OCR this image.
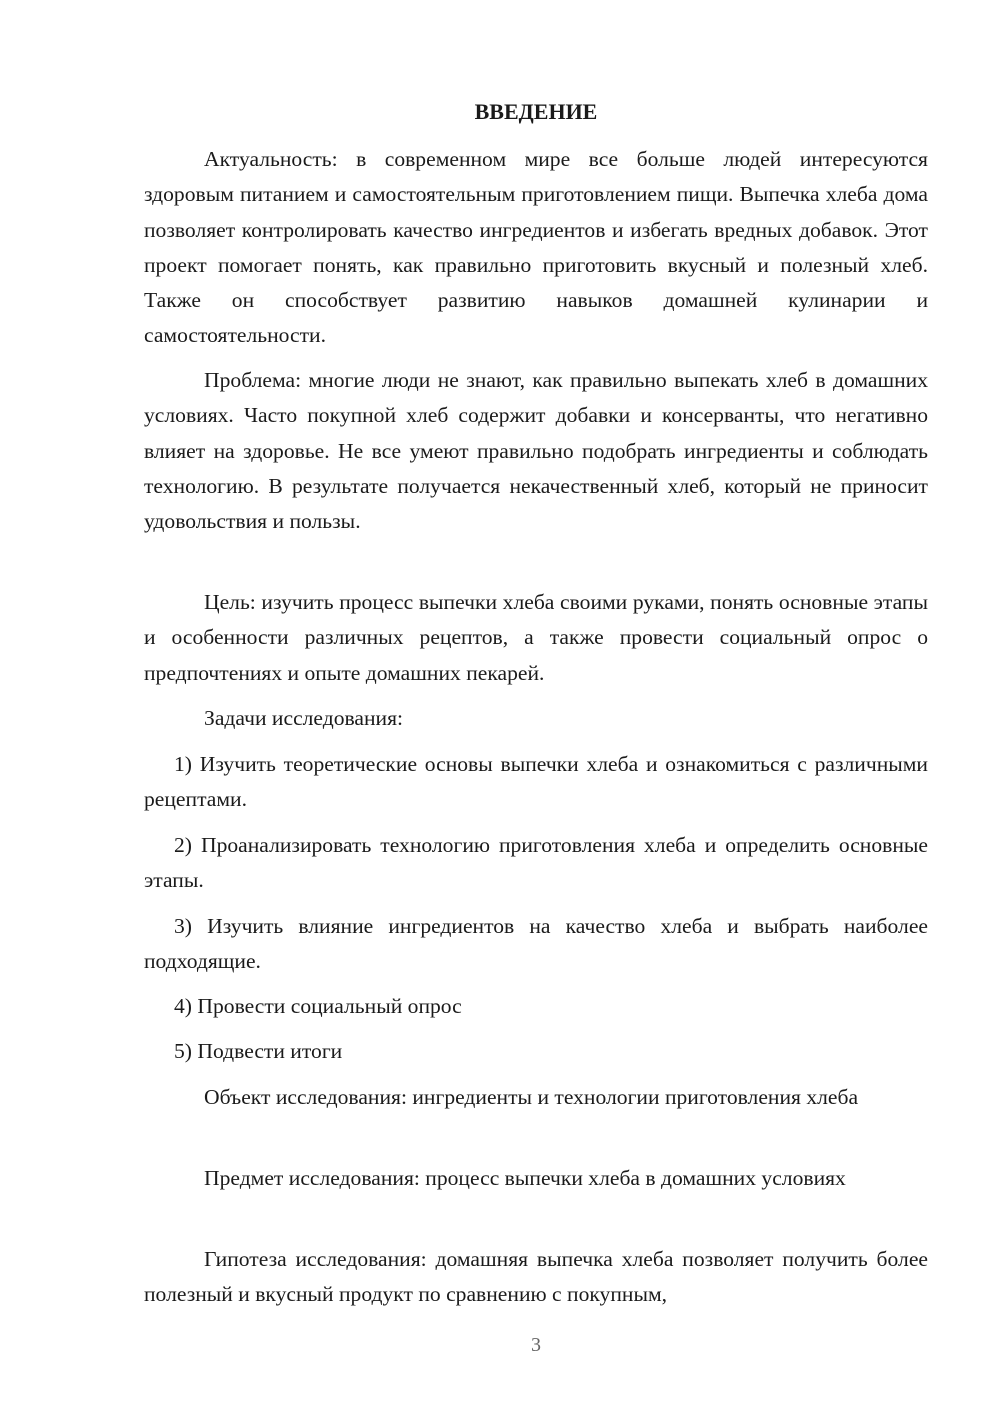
ВВЕДЕНИЕ

Актуальность: в современном мире все больше людей интересуются здоровым питанием и самостоятельным приготовлением пищи. Выпечка хлеба дома позволяет контролировать качество ингредиентов и избегать вредных добавок. Этот проект помогает понять, как правильно приготовить вкусный и полезный хлеб. Также он способствует развитию навыков домашней кулинарии и самостоятельности.

Проблема: многие люди не знают, как правильно выпекать хлеб в домашних условиях. Часто покупной хлеб содержит добавки и консерванты, что негативно влияет на здоровье. Не все умеют правильно подобрать ингредиенты и соблюдать технологию. В результате получается некачественный хлеб, который не приносит удовольствия и пользы.

Цель: изучить процесс выпечки хлеба своими руками, понять основные этапы и особенности различных рецептов, а также провести социальный опрос о предпочтениях и опыте домашних пекарей.

Задачи исследования:

1) Изучить теоретические основы выпечки хлеба и ознакомиться с различными рецептами.

2) Проанализировать технологию приготовления хлеба и определить основные этапы.

3) Изучить влияние ингредиентов на качество хлеба и выбрать наиболее подходящие.

4) Провести социальный опрос

5) Подвести итоги

Объект исследования: ингредиенты и технологии приготовления хлеба

Предмет исследования: процесс выпечки хлеба в домашних условиях

Гипотеза исследования: домашняя выпечка хлеба позволяет получить более полезный и вкусный продукт по сравнению с покупным,

3
